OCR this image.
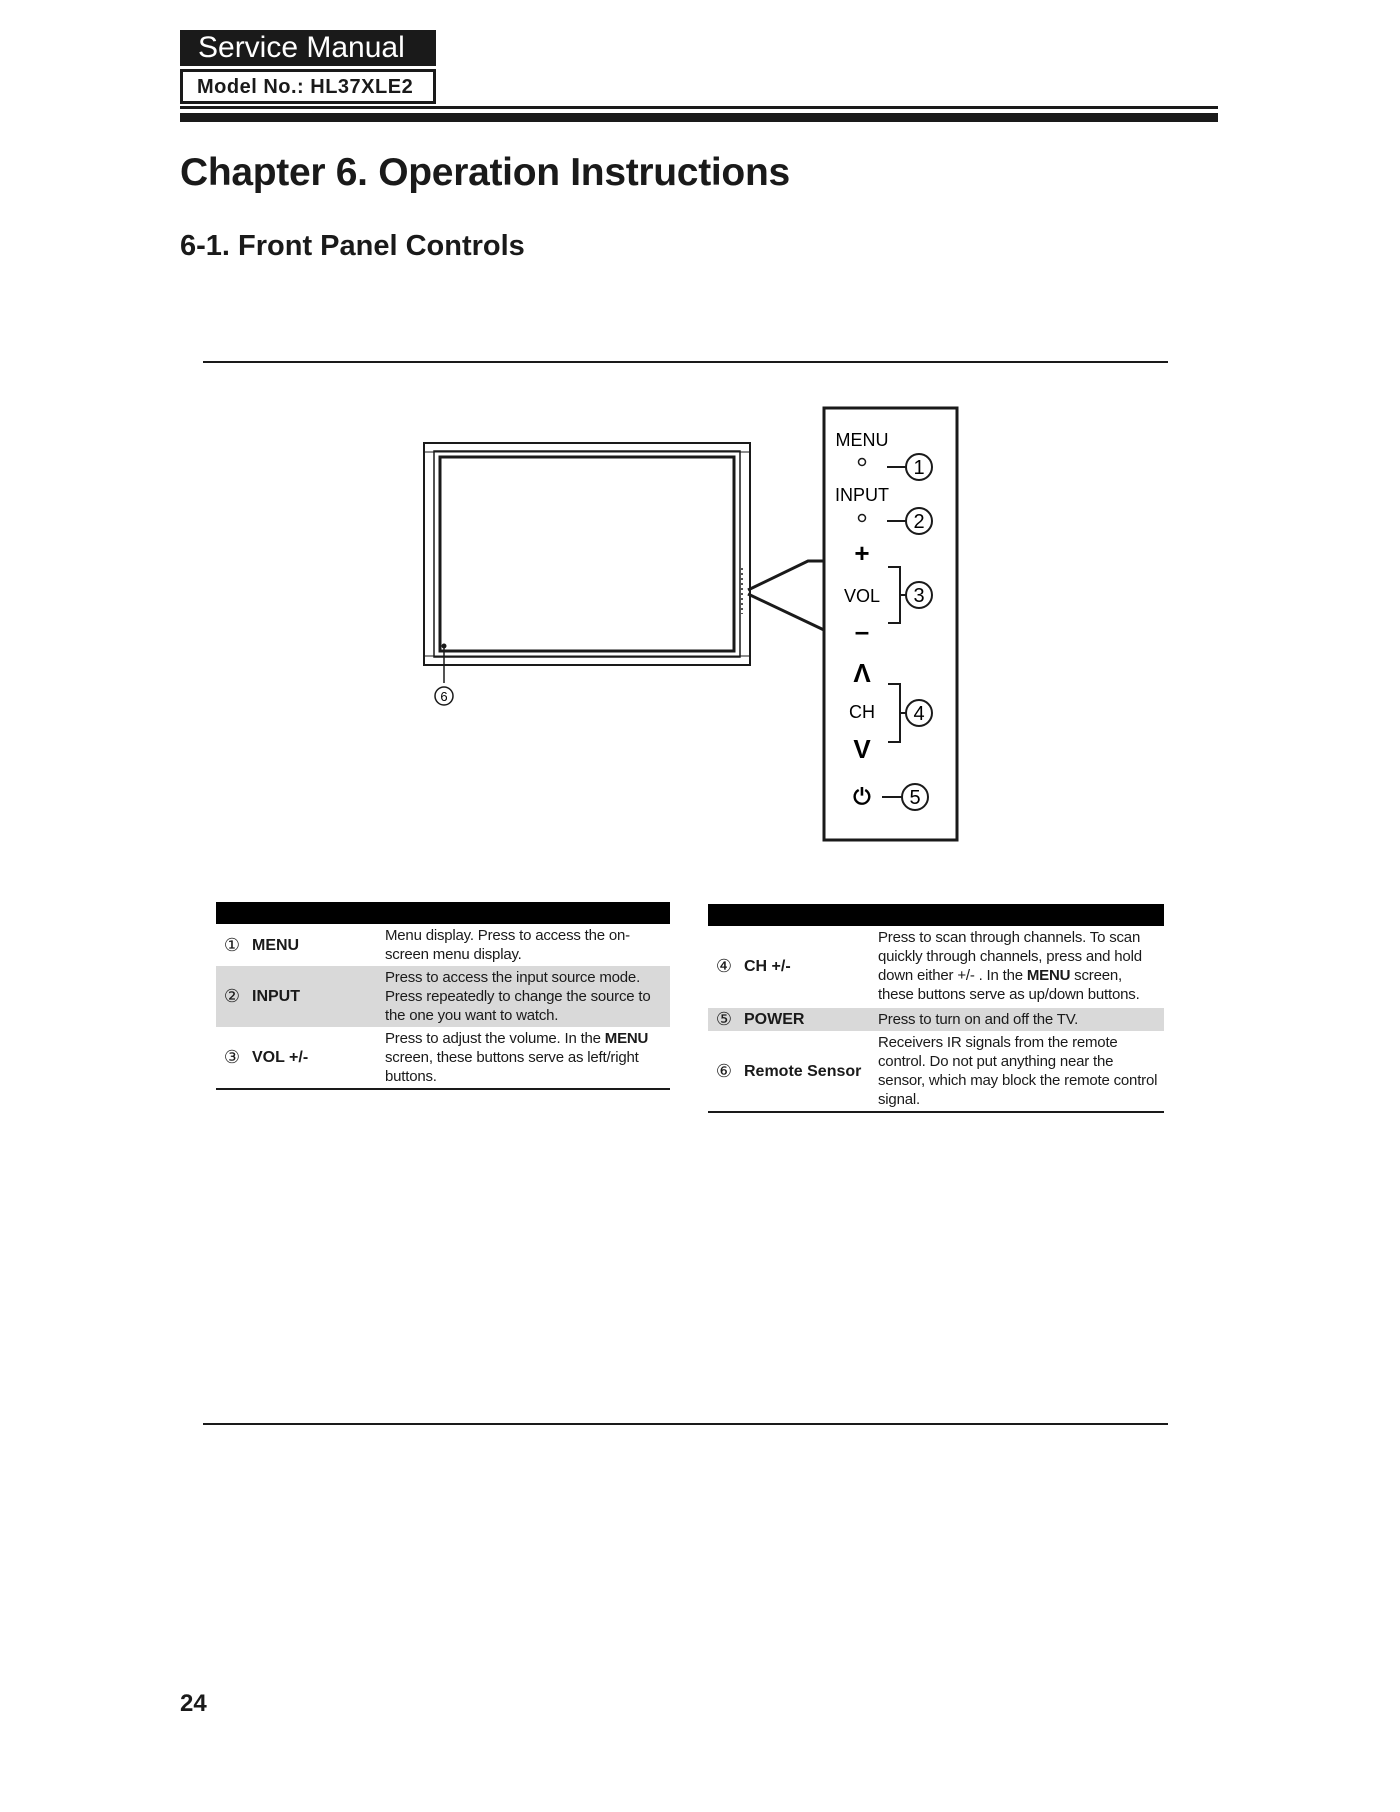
Service Manual
Model No.: HL37XLE2
Chapter 6. Operation Instructions
6-1. Front Panel Controls
6
MENU
1
INPUT
2
+
VOL
–
3
Λ
CH
V
4
⏻ 5

①	MENU	Menu display. Press to access the on-screen menu display.
②	INPUT	Press to access the input source mode. Press repeatedly to change the source to the one you want to watch.
③	VOL +/-	Press to adjust the volume. In the MENU screen, these buttons serve as left/right buttons.

④	CH +/-	Press to scan through channels. To scan quickly through channels, press and hold down either +/- . In the MENU screen, these buttons serve as up/down buttons.
⑤	POWER	Press to turn on and off the TV.
⑥	Remote Sensor	Receivers IR signals from the remote control. Do not put anything near the sensor, which may block the remote control signal.
24
